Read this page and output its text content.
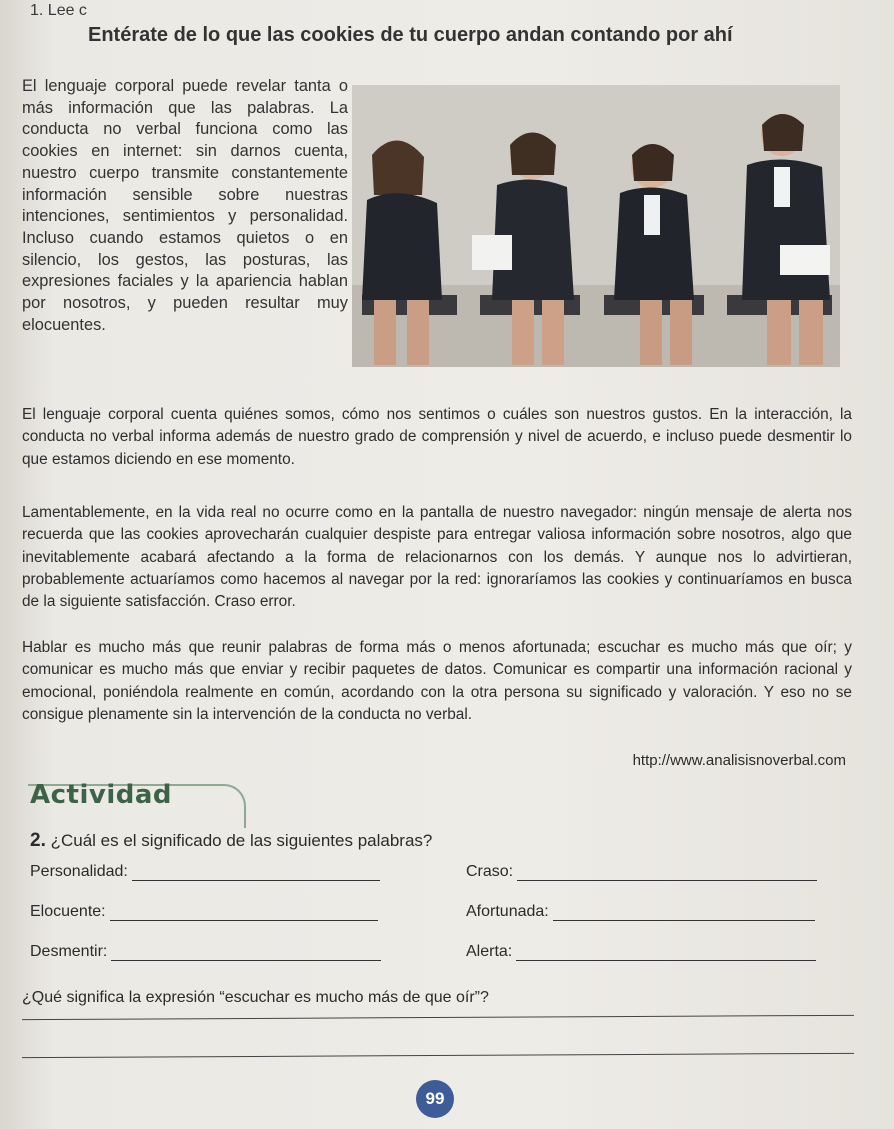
1. Lee c
Entérate de lo que las cookies de tu cuerpo andan contando por ahí
El lenguaje corporal puede revelar tanta o más información que las palabras. La conducta no verbal funciona como las cookies en internet: sin darnos cuenta, nuestro cuerpo transmite constantemente información sensible sobre nuestras intenciones, sentimientos y personalidad. Incluso cuando estamos quietos o en silencio, los gestos, las posturas, las expresiones faciales y la apariencia hablan por nosotros, y pueden resultar muy elocuentes.
El lenguaje corporal cuenta quiénes somos, cómo nos sentimos o cuáles son nuestros gustos. En la interacción, la conducta no verbal informa además de nuestro grado de comprensión y nivel de acuerdo, e incluso puede desmentir lo que estamos diciendo en ese momento.
Lamentablemente, en la vida real no ocurre como en la pantalla de nuestro navegador: ningún mensaje de alerta nos recuerda que las cookies aprovecharán cualquier despiste para entregar valiosa información sobre nosotros, algo que inevitablemente acabará afectando a la forma de relacionarnos con los demás. Y aunque nos lo advirtieran, probablemente actuaríamos como hacemos al navegar por la red: ignoraríamos las cookies y continuaríamos en busca de la siguiente satisfacción. Craso error.
Hablar es mucho más que reunir palabras de forma más o menos afortunada; escuchar es mucho más que oír; y comunicar es mucho más que enviar y recibir paquetes de datos. Comunicar es compartir una información racional y emocional, poniéndola realmente en común, acordando con la otra persona su significado y valoración. Y eso no se consigue plenamente sin la intervención de la conducta no verbal.
http://www.analisisnoverbal.com
Actividad
2. ¿Cuál es el significado de las siguientes palabras?
Personalidad:	Craso:
Elocuente:	Afortunada:
Desmentir:	Alerta:
¿Qué significa la expresión “escuchar es mucho más de que oír”?
99
